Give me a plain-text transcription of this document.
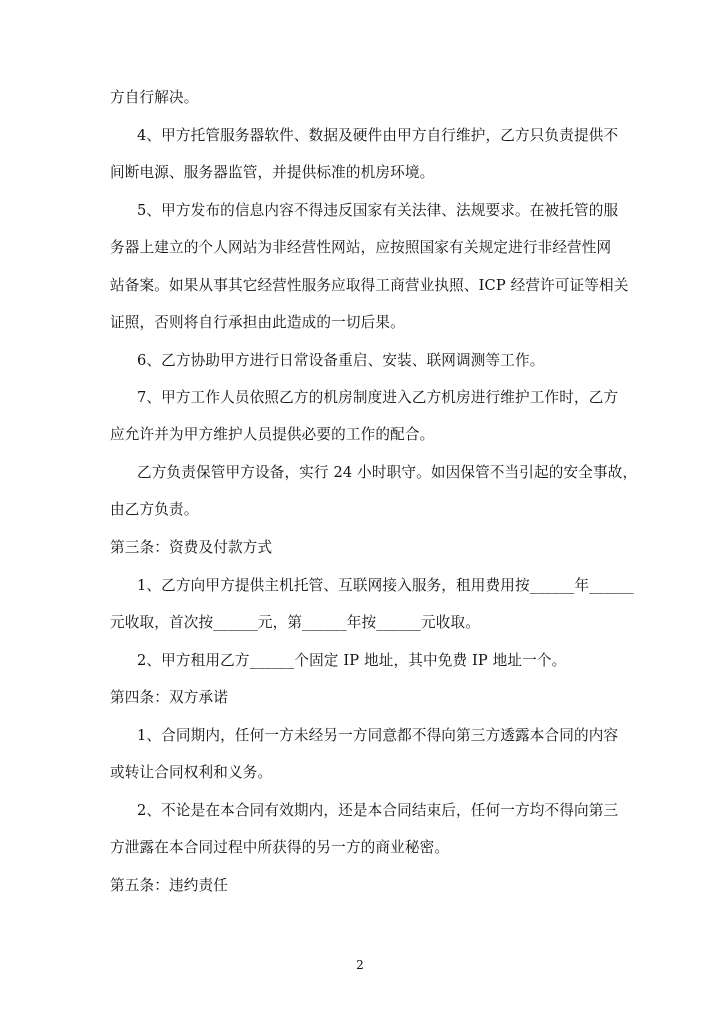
方自行解决。
4、甲方托管服务器软件、数据及硬件由甲方自行维护，乙方只负责提供不
间断电源、服务器监管，并提供标准的机房环境。
5、甲方发布的信息内容不得违反国家有关法律、法规要求。在被托管的服
务器上建立的个人网站为非经营性网站，应按照国家有关规定进行非经营性网
站备案。如果从事其它经营性服务应取得工商营业执照、ICP 经营许可证等相关
证照，否则将自行承担由此造成的一切后果。
6、乙方协助甲方进行日常设备重启、安装、联网调测等工作。
7、甲方工作人员依照乙方的机房制度进入乙方机房进行维护工作时，乙方
应允许并为甲方维护人员提供必要的工作的配合。
乙方负责保管甲方设备，实行 24 小时职守。如因保管不当引起的安全事故，
由乙方负责。
第三条：资费及付款方式
1、乙方向甲方提供主机托管、互联网接入服务，租用费用按______年______
元收取，首次按______元，第______年按______元收取。
2、甲方租用乙方______个固定 IP 地址，其中免费 IP 地址一个。
第四条：双方承诺
1、合同期内，任何一方未经另一方同意都不得向第三方透露本合同的内容
或转让合同权利和义务。
2、不论是在本合同有效期内，还是本合同结束后，任何一方均不得向第三
方泄露在本合同过程中所获得的另一方的商业秘密。
第五条：违约责任
2
